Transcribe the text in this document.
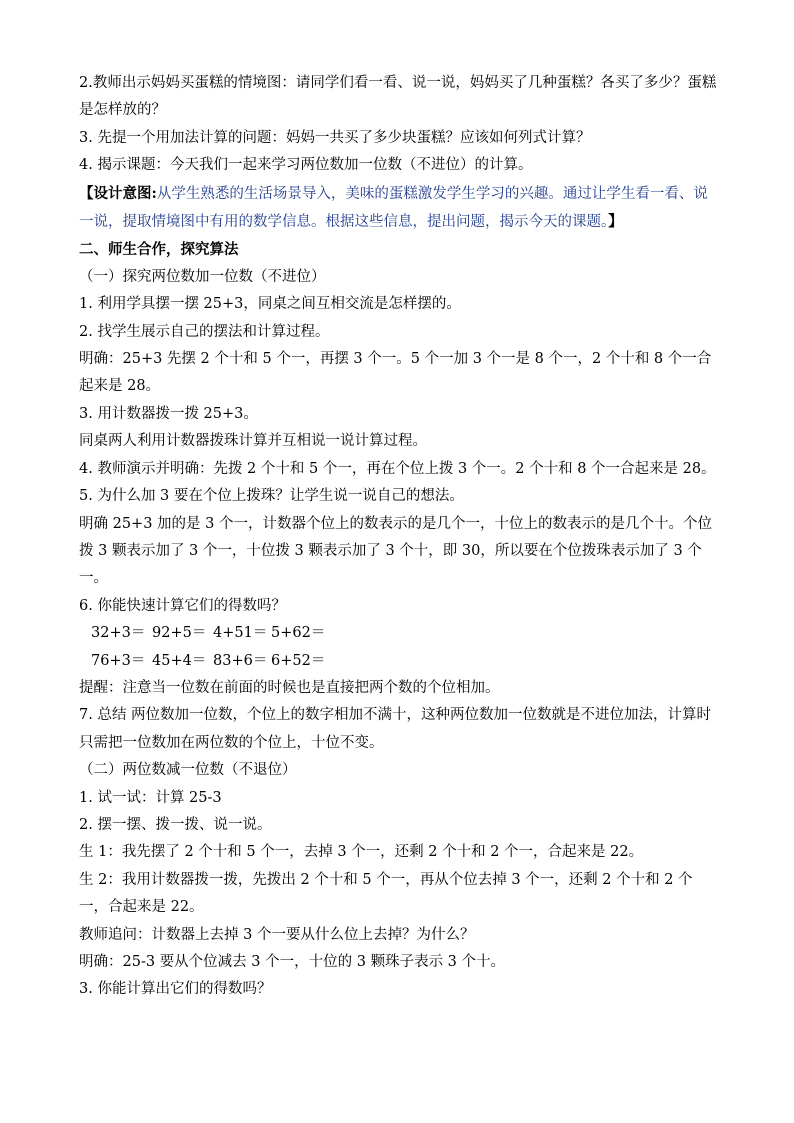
2.教师出示妈妈买蛋糕的情境图：请同学们看一看、说一说，妈妈买了几种蛋糕？各买了多少？蛋糕是怎样放的？

3. 先提一个用加法计算的问题：妈妈一共买了多少块蛋糕？应该如何列式计算？

4. 揭示课题：今天我们一起来学习两位数加一位数（不进位）的计算。

【设计意图:从学生熟悉的生活场景导入，美味的蛋糕激发学生学习的兴趣。通过让学生看一看、说一说，提取情境图中有用的数学信息。根据这些信息，提出问题，揭示今天的课题。】

二、师生合作，探究算法

（一）探究两位数加一位数（不进位）

1. 利用学具摆一摆 25+3，同桌之间互相交流是怎样摆的。

2. 找学生展示自己的摆法和计算过程。

明确：25+3 先摆 2 个十和 5 个一，再摆 3 个一。5 个一加 3 个一是 8 个一，2 个十和 8 个一合起来是 28。

3. 用计数器拨一拨 25+3。

同桌两人利用计数器拨珠计算并互相说一说计算过程。

4. 教师演示并明确：先拨 2 个十和 5 个一，再在个位上拨 3 个一。2 个十和 8 个一合起来是 28。

5. 为什么加 3 要在个位上拨珠？让学生说一说自己的想法。

明确 25+3 加的是 3 个一，计数器个位上的数表示的是几个一，十位上的数表示的是几个十。个位拨 3 颗表示加了 3 个一，十位拨 3 颗表示加了 3 个十，即 30，所以要在个位拨珠表示加了 3 个一。

6. 你能快速计算它们的得数吗？

32+3＝ 92+5＝ 4+51＝ 5+62＝
76+3＝ 45+4＝ 83+6＝ 6+52＝

提醒：注意当一位数在前面的时候也是直接把两个数的个位相加。

7. 总结 两位数加一位数，个位上的数字相加不满十，这种两位数加一位数就是不进位加法，计算时只需把一位数加在两位数的个位上，十位不变。

（二）两位数减一位数（不退位）

1. 试一试：计算 25-3

2. 摆一摆、拨一拨、说一说。

生 1：我先摆了 2 个十和 5 个一，去掉 3 个一，还剩 2 个十和 2 个一，合起来是 22。

生 2：我用计数器拨一拨，先拨出 2 个十和 5 个一，再从个位去掉 3 个一，还剩 2 个十和 2 个一，合起来是 22。

教师追问：计数器上去掉 3 个一要从什么位上去掉？为什么？

明确：25-3 要从个位减去 3 个一，十位的 3 颗珠子表示 3 个十。

3. 你能计算出它们的得数吗？
